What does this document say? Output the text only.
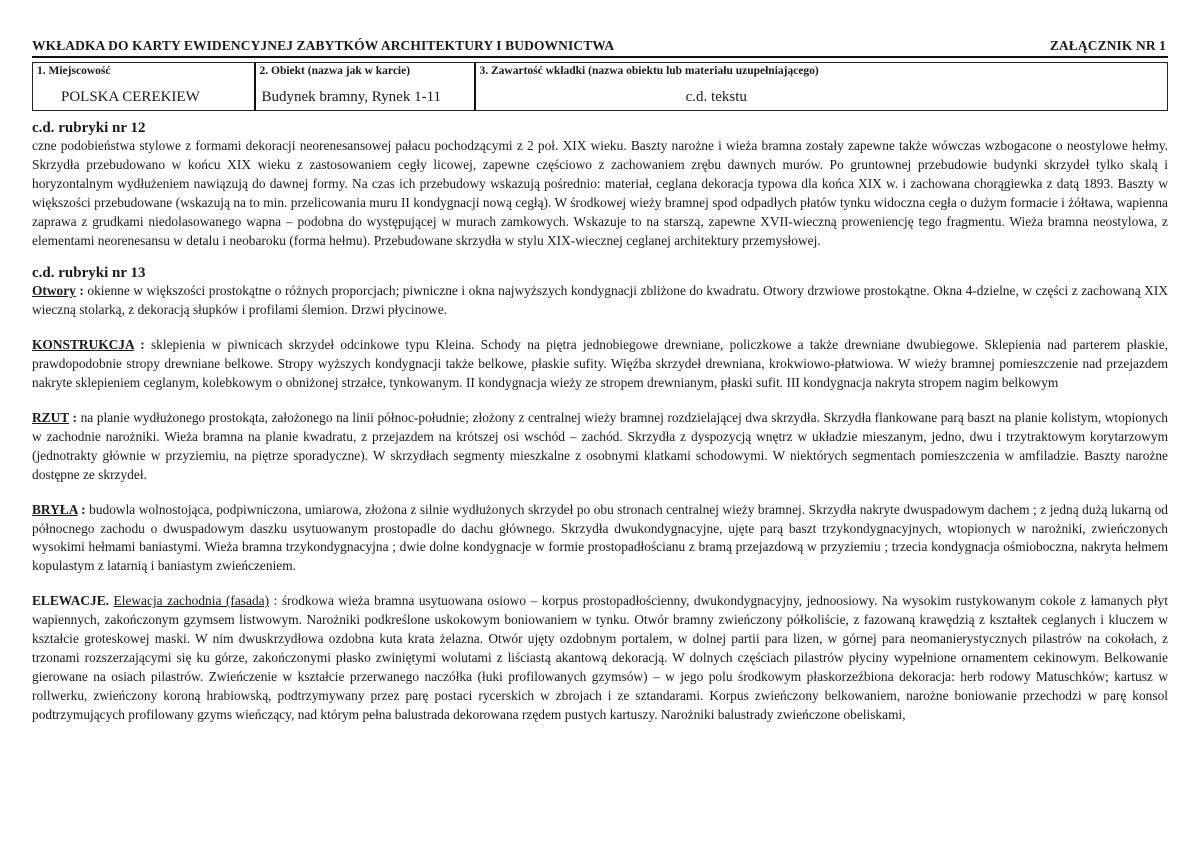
WKŁADKA DO KARTY EWIDENCYJNEJ ZABYTKÓW ARCHITEKTURY I BUDOWNICTWA	ZAŁĄCZNIK NR 1
1. Miejscowość
POLSKA CEREKIEW

2. Obiekt (nazwa jak w karcie)
Budynek bramny, Rynek 1-11

3. Zawartość wkładki (nazwa obiektu lub materiału uzupełniającego)
c.d. tekstu
c.d. rubryki nr 12

czne podobieństwa stylowe z formami dekoracji neorenesansowej pałacu pochodzącymi z 2 poł. XIX wieku. Baszty narożne i wieża bramna zostały zapewne także wówczas wzbogacone o neostylowe hełmy. Skrzydła przebudowano w końcu XIX wieku z zastosowaniem cegły licowej, zapewne częściowo z zachowaniem zrębu dawnych murów. Po gruntownej przebudowie budynki skrzydeł tylko skalą i horyzontalnym wydłużeniem nawiązują do dawnej formy. Na czas ich przebudowy wskazują pośrednio: materiał, ceglana dekoracja typowa dla końca XIX w. i zachowana chorągiewka z datą 1893. Baszty w większości przebudowane (wskazują na to min. przelicowania muru II kondygnacji nową cegłą). W środkowej wieży bramnej spod odpadłych płatów tynku widoczna cegła o dużym formacie i żółtawa, wapienna zaprawa z grudkami niedolasowanego wapna – podobna do występującej w murach zamkowych. Wskazuje to na starszą, zapewne XVII-wieczną proweniencję tego fragmentu. Wieża bramna neostylowa, z elementami neorenesansu w detalu i neobaroku (forma hełmu). Przebudowane skrzydła w stylu XIX-wiecznej ceglanej architektury przemysłowej.

c.d. rubryki nr 13

Otwory : okienne w większości prostokątne o różnych proporcjach; piwniczne i okna najwyższych kondygnacji zbliżone do kwadratu. Otwory drzwiowe prostokątne. Okna 4-dzielne, w części z zachowaną XIX wieczną stolarką, z dekoracją słupków i profilami ślemion. Drzwi płycinowe.

KONSTRUKCJA : sklepienia w piwnicach skrzydeł odcinkowe typu Kleina. Schody na piętra jednobiegowe drewniane, policzkowe a także drewniane dwubiegowe. Sklepienia nad parterem płaskie, prawdopodobnie stropy drewniane belkowe. Stropy wyższych kondygnacji także belkowe, płaskie sufity. Więźba skrzydeł drewniana, krokwiowo-płatwiowa. W wieży bramnej pomieszczenie nad przejazdem nakryte sklepieniem ceglanym, kolebkowym o obniżonej strzałce, tynkowanym. II kondygnacja wieży ze stropem drewnianym, płaski sufit. III kondygnacja nakryta stropem nagim belkowym

RZUT : na planie wydłużonego prostokąta, założonego na linii północ-południe; złożony z centralnej wieży bramnej rozdzielającej dwa skrzydła. Skrzydła flankowane parą baszt na planie kolistym, wtopionych w zachodnie narożniki. Wieża bramna na planie kwadratu, z przejazdem na krótszej osi wschód – zachód. Skrzydła z dyspozycją wnętrz w układzie mieszanym, jedno, dwu i trzytraktowym korytarzowym (jednotrakty głównie w przyziemiu, na piętrze sporadyczne). W skrzydłach segmenty mieszkalne z osobnymi klatkami schodowymi. W niektórych segmentach pomieszczenia w amfiladzie. Baszty narożne dostępne ze skrzydeł.

BRYŁA : budowla wolnostojąca, podpiwniczona, umiarowa, złożona z silnie wydłużonych skrzydeł po obu stronach centralnej wieży bramnej. Skrzydła nakryte dwuspadowym dachem ; z jedną dużą lukarną od północnego zachodu o dwuspadowym daszku usytuowanym prostopadle do dachu głównego. Skrzydła dwukondygnacyjne, ujęte parą baszt trzykondygnacyjnych, wtopionych w narożniki, zwieńczonych wysokimi hełmami baniastymi. Wieża bramna trzykondygnacyjna ; dwie dolne kondygnacje w formie prostopadłościanu z bramą przejazdową w przyziemiu ; trzecia kondygnacja ośmioboczna, nakryta hełmem kopulastym z latarnią i baniastym zwieńczeniem.

ELEWACJE. Elewacja zachodnia (fasada) : środkowa wieża bramna usytuowana osiowo – korpus prostopadłościenny, dwukondygnacyjny, jednoosiowy. Na wysokim rustykowanym cokole z łamanych płyt wapiennych, zakończonym gzymsem listwowym. Narożniki podkreślone uskokowym boniowaniem w tynku. Otwór bramny zwieńczony półkoliście, z fazowaną krawędzią z kształtek ceglanych i kluczem w kształcie groteskowej maski. W nim dwuskrzydłowa ozdobna kuta krata żelazna. Otwór ujęty ozdobnym portalem, w dolnej partii para lizen, w górnej para neomanierystycznych pilastrów na cokołach, z trzonami rozszerzającymi się ku górze, zakończonymi płasko zwiniętymi wolutami z liściastą akantową dekoracją. W dolnych częściach pilastrów płyciny wypełnione ornamentem cekinowym. Belkowanie gierowane na osiach pilastrów. Zwieńczenie w kształcie przerwanego naczółka (łuki profilowanych gzymsów) – w jego polu środkowym płaskorzeźbiona dekoracja: herb rodowy Matuschków; kartusz w rollwerku, zwieńczony koroną hrabiowską, podtrzymywany przez parę postaci rycerskich w zbrojach i ze sztandarami. Korpus zwieńczony belkowaniem, narożne boniowanie przechodzi w parę konsol podtrzymujących profilowany gzyms wieńczący, nad którym pełna balustrada dekorowana rzędem pustych kartuszy. Narożniki balustrady zwieńczone obeliskami,
